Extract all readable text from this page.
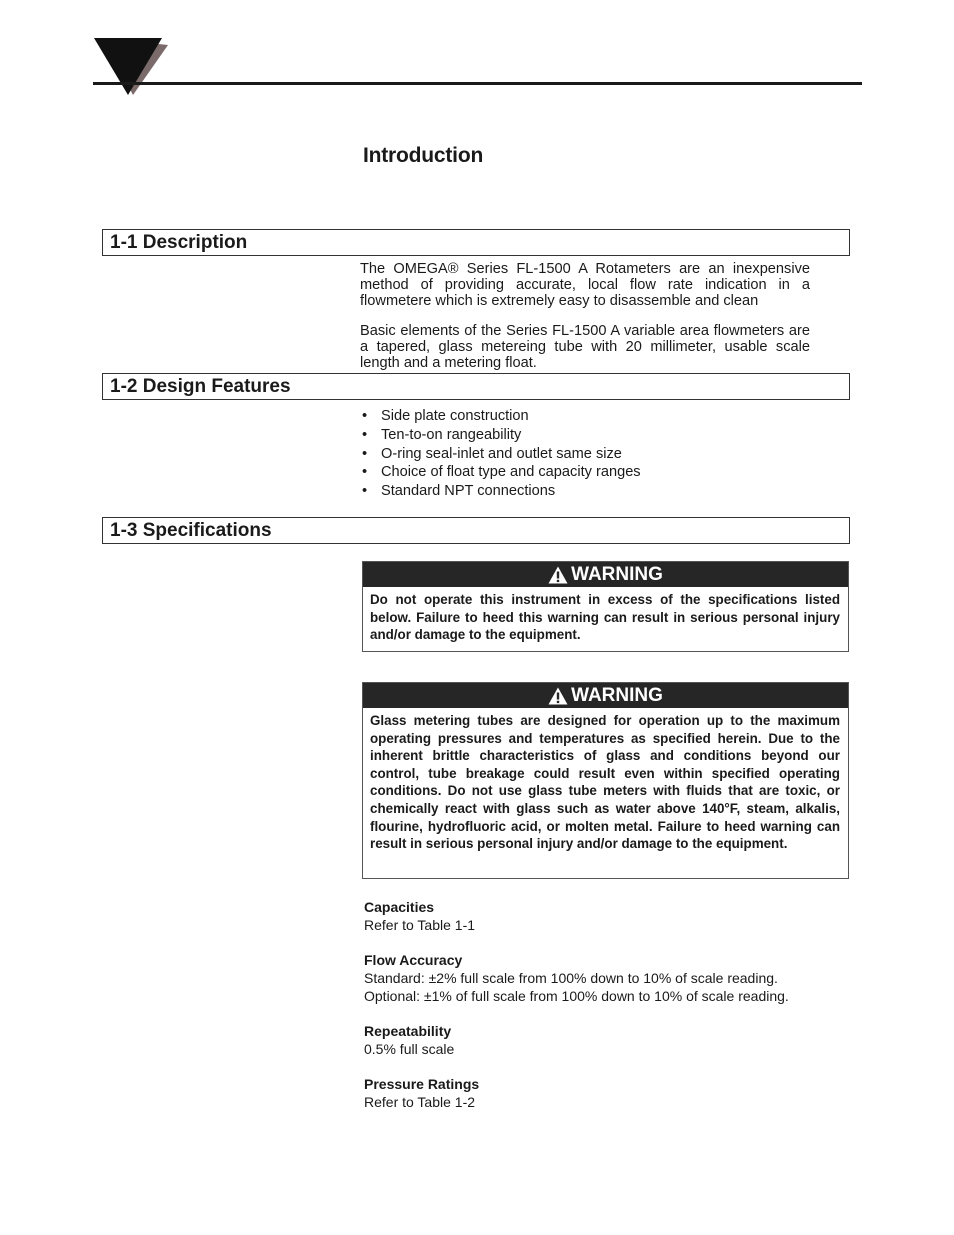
Introduction
1-1 Description

The OMEGA® Series FL-1500 A Rotameters are an inexpensive method of providing accurate, local flow rate indication in a flowmetere which is extremely easy to disassemble and clean

Basic elements of the Series FL-1500 A variable area flowmeters are a tapered, glass metereing tube with 20 millimeter, usable scale length and a metering float.

1-2 Design Features
• Side plate construction
• Ten-to-on rangeability
• O-ring seal-inlet and outlet same size
• Choice of float type and capacity ranges
• Standard NPT connections
1-3 Specifications
WARNING

Do not operate this instrument in excess of the specifications listed below. Failure to heed this warning can result in serious personal injury and/or damage to the equipment.

WARNING

Glass metering tubes are designed for operation up to the maximum operating pressures and temperatures as specified herein. Due to the inherent brittle characteristics of glass and conditions beyond our control, tube breakage could result even within specified operating conditions. Do not use glass tube meters with fluids that are toxic, or chemically react with glass such as water above 140°F, steam, alkalis, flourine, hydrofluoric acid, or molten metal. Failure to heed warning can result in serious personal injury and/or damage to the equipment.

Capacities
Refer to Table 1-1
Flow Accuracy
Standard: ±2% full scale from 100% down to 10% of scale reading.
Optional: ±1% of full scale from 100% down to 10% of scale reading.
Repeatability
0.5% full scale
Pressure Ratings
Refer to Table 1-2
